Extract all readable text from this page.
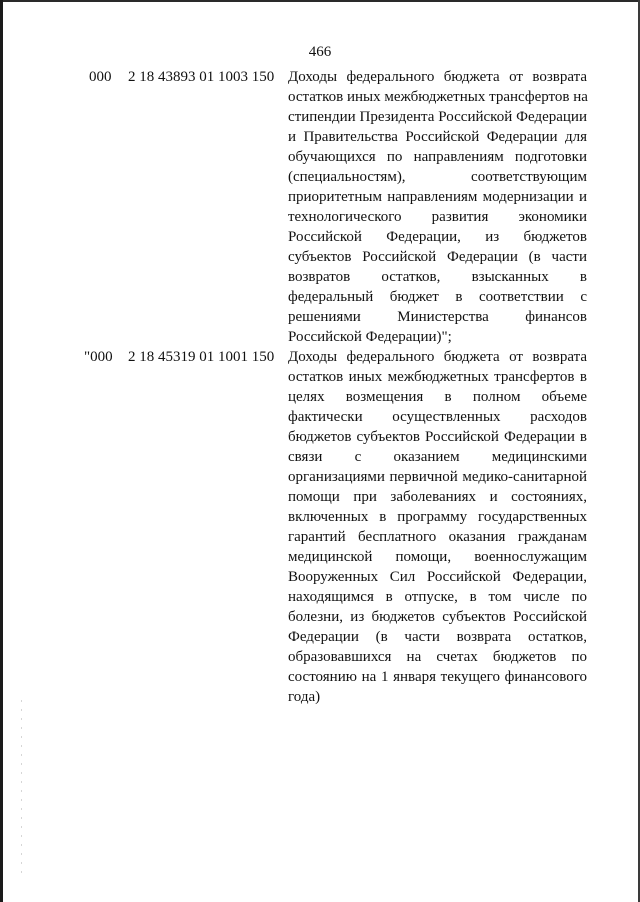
466
000 2 18 43893 01 1003 150 Доходы федерального бюджета от возврата
остатков иных межбюджетных трансфертов на
стипендии Президента Российской Федерации
и Правительства Российской Федерации для
обучающихся по направлениям подготовки
(специальностям), соответствующим
приоритетным направлениям модернизации и
технологического развития экономики
Российской Федерации, из бюджетов
субъектов Российской Федерации (в части
возвратов остатков, взысканных в
федеральный бюджет в соответствии с
решениями Министерства финансов
Российской Федерации)";
"000 2 18 45319 01 1001 150 Доходы федерального бюджета от возврата
остатков иных межбюджетных трансфертов в
целях возмещения в полном объеме
фактически осуществленных расходов
бюджетов субъектов Российской Федерации в
связи с оказанием медицинскими
организациями первичной медико-санитарной
помощи при заболеваниях и состояниях,
включенных в программу государственных
гарантий бесплатного оказания гражданам
медицинской помощи, военнослужащим
Вооруженных Сил Российской Федерации,
находящимся в отпуске, в том числе по
болезни, из бюджетов субъектов Российской
Федерации (в части возврата остатков,
образовавшихся на счетах бюджетов по
состоянию на 1 января текущего финансового
года)
